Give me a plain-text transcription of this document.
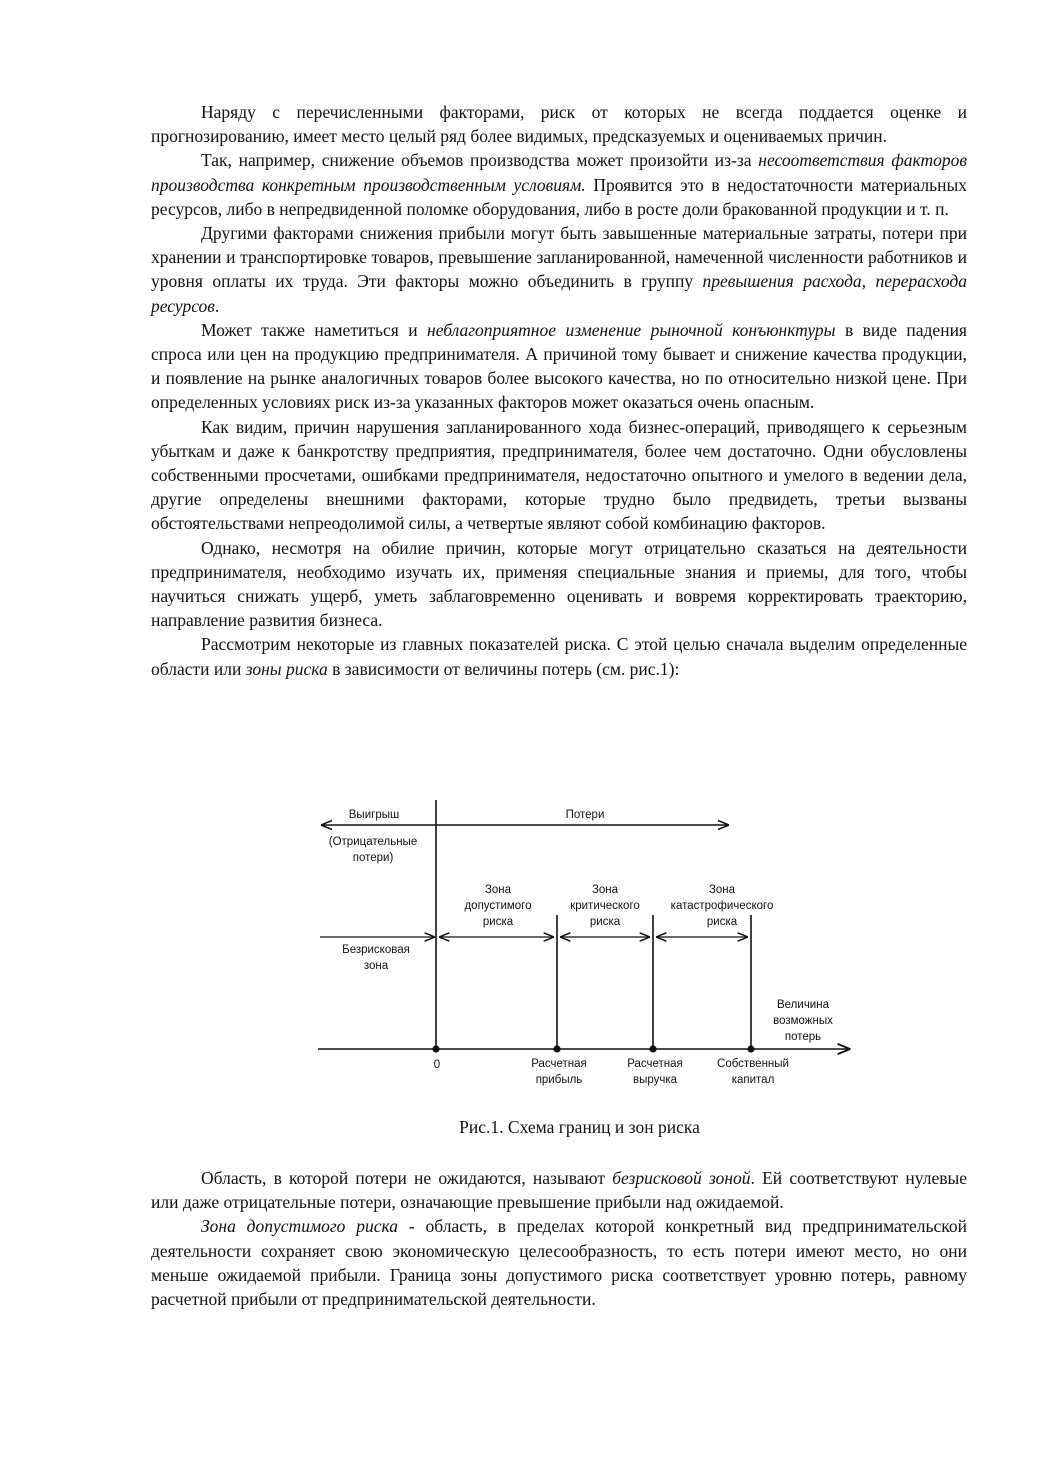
Наряду с перечисленными факторами, риск от которых не всегда поддается оценке и прогнозированию, имеет место целый ряд более видимых, предсказуемых и оцениваемых причин.

Так, например, снижение объемов производства может произойти из-за несоответствия факторов производства конкретным производственным условиям. Проявится это в недостаточности материальных ресурсов, либо в непредвиденной поломке оборудования, либо в росте доли бракованной продукции и т. п.

Другими факторами снижения прибыли могут быть завышенные материальные затраты, потери при хранении и транспортировке товаров, превышение запланированной, намеченной численности работников и уровня оплаты их труда. Эти факторы можно объединить в группу превышения расхода, перерасхода ресурсов.

Может также наметиться и неблагоприятное изменение рыночной конъюнктуры в виде падения спроса или цен на продукцию предпринимателя. А причиной тому бывает и снижение качества продукции, и появление на рынке аналогичных товаров более высокого качества, но по относительно низкой цене. При определенных условиях риск из-за указанных факторов может оказаться очень опасным.

Как видим, причин нарушения запланированного хода бизнес-операций, приводящего к серьезным убыткам и даже к банкротству предприятия, предпринимателя, более чем достаточно. Одни обусловлены собственными просчетами, ошибками предпринимателя, недостаточно опытного и умелого в ведении дела, другие определены внешними факторами, которые трудно было предвидеть, третьи вызваны обстоятельствами непреодолимой силы, а четвертые являют собой комбинацию факторов.

Однако, несмотря на обилие причин, которые могут отрицательно сказаться на деятельности предпринимателя, необходимо изучать их, применяя специальные знания и приемы, для того, чтобы научиться снижать ущерб, уметь заблаговременно оценивать и вовремя корректировать траекторию, направление развития бизнеса.

Рассмотрим некоторые из главных показателей риска. С этой целью сначала выделим определенные области или зоны риска в зависимости от величины потерь (см. рис.1):

Выигрыш	Потери
(Отрицательные
потери)
Зона
допустимого
риска
Зона
критического
риска
Зона
катастрофического
риска
Безрисковая
зона
Величина
возможных
потерь
0	Расчетная
прибыль
Расчетная
выручка
Собственный
капитал
Рис.1. Схема границ и зон риска

Область, в которой потери не ожидаются, называют безрисковой зоной. Ей соответствуют нулевые или даже отрицательные потери, означающие превышение прибыли над ожидаемой.

Зона допустимого риска - область, в пределах которой конкретный вид предпринимательской деятельности сохраняет свою экономическую целесообразность, то есть потери имеют место, но они меньше ожидаемой прибыли. Граница зоны допустимого риска соответствует уровню потерь, равному расчетной прибыли от предпринимательской деятельности.
